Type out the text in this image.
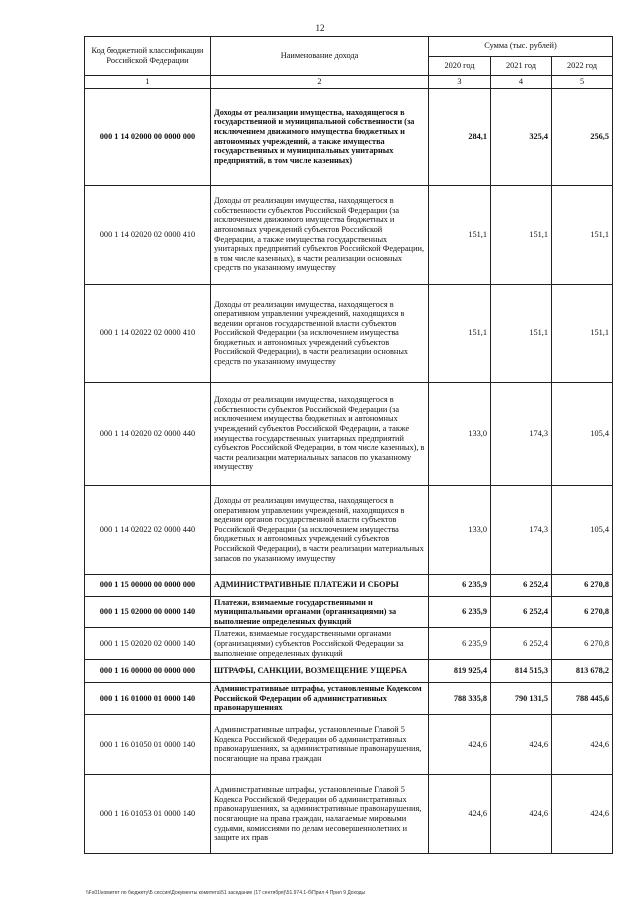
12
Код бюджетной классификации Российской Федерации	Наименование дохода	Сумма (тыс. рублей)		
		2020 год	2021 год	2022 год
1	2	3	4	5
000 1 14 02000 00 0000 000	Доходы от реализации имущества, находящегося в государственной и муниципальной собственности (за исключением движимого имущества бюджетных и автономных учреждений, а также имущества государственных и муниципальных унитарных предприятий, в том числе казенных)	284,1	325,4	256,5
000 1 14 02020 02 0000 410	Доходы от реализации имущества, находящегося в собственности субъектов Российской Федерации (за исключением движимого имущества бюджетных и автономных учреждений субъектов Российской Федерации, а также имущества государственных унитарных предприятий субъектов Российской Федерации, в том числе казенных), в части реализации основных средств по указанному имуществу	151,1	151,1	151,1
000 1 14 02022 02 0000 410	Доходы от реализации имущества, находящегося в оперативном управлении учреждений, находящихся в ведении органов государственной власти субъектов Российской Федерации (за исключением имущества бюджетных и автономных учреждений субъектов Российской Федерации), в части реализации основных средств по указанному имуществу	151,1	151,1	151,1
000 1 14 02020 02 0000 440	Доходы от реализации имущества, находящегося в собственности субъектов Российской Федерации (за исключением имущества бюджетных и автономных учреждений субъектов Российской Федерации, а также имущества государственных унитарных предприятий субъектов Российской Федерации, в том числе казенных), в части реализации материальных запасов по указанному имуществу	133,0	174,3	105,4
000 1 14 02022 02 0000 440	Доходы от реализации имущества, находящегося в оперативном управлении учреждений, находящихся в ведении органов государственной власти субъектов Российской Федерации (за исключением имущества бюджетных и автономных учреждений субъектов Российской Федерации), в части реализации материальных запасов по указанному имуществу	133,0	174,3	105,4
000 1 15 00000 00 0000 000	АДМИНИСТРАТИВНЫЕ ПЛАТЕЖИ И СБОРЫ	6 235,9	6 252,4	6 270,8
000 1 15 02000 00 0000 140	Платежи, взимаемые государственными и муниципальными органами (организациями) за выполнение определенных функций	6 235,9	6 252,4	6 270,8
000 1 15 02020 02 0000 140	Платежи, взимаемые государственными органами (организациями) субъектов Российской Федерации за выполнение определенных функций	6 235,9	6 252,4	6 270,8
000 1 16 00000 00 0000 000	ШТРАФЫ, САНКЦИИ, ВОЗМЕЩЕНИЕ УЩЕРБА	819 925,4	814 515,3	813 678,2
000 1 16 01000 01 0000 140	Административные штрафы, установленные Кодексом Российской Федерации об административных правонарушениях	788 335,8	790 131,5	788 445,6
000 1 16 01050 01 0000 140	Административные штрафы, установленные Главой 5 Кодекса Российской Федерации об административных правонарушениях, за административные правонарушения, посягающие на права граждан	424,6	424,6	424,6
000 1 16 01053 01 0000 140	Административные штрафы, установленные Главой 5 Кодекса Российской Федерации об административных правонарушениях, за административные правонарушения, посягающие на права граждан, налагаемые мировыми судьями, комиссиями по делам несовершеннолетних и защите их прав	424,6	424,6	424,6
\\Fs01\комитет по бюджету\Б сессия\Документы комитета\51 заседание (17 сентября)\51.974.1-б\Прил 4 Прил 9 Доходы
